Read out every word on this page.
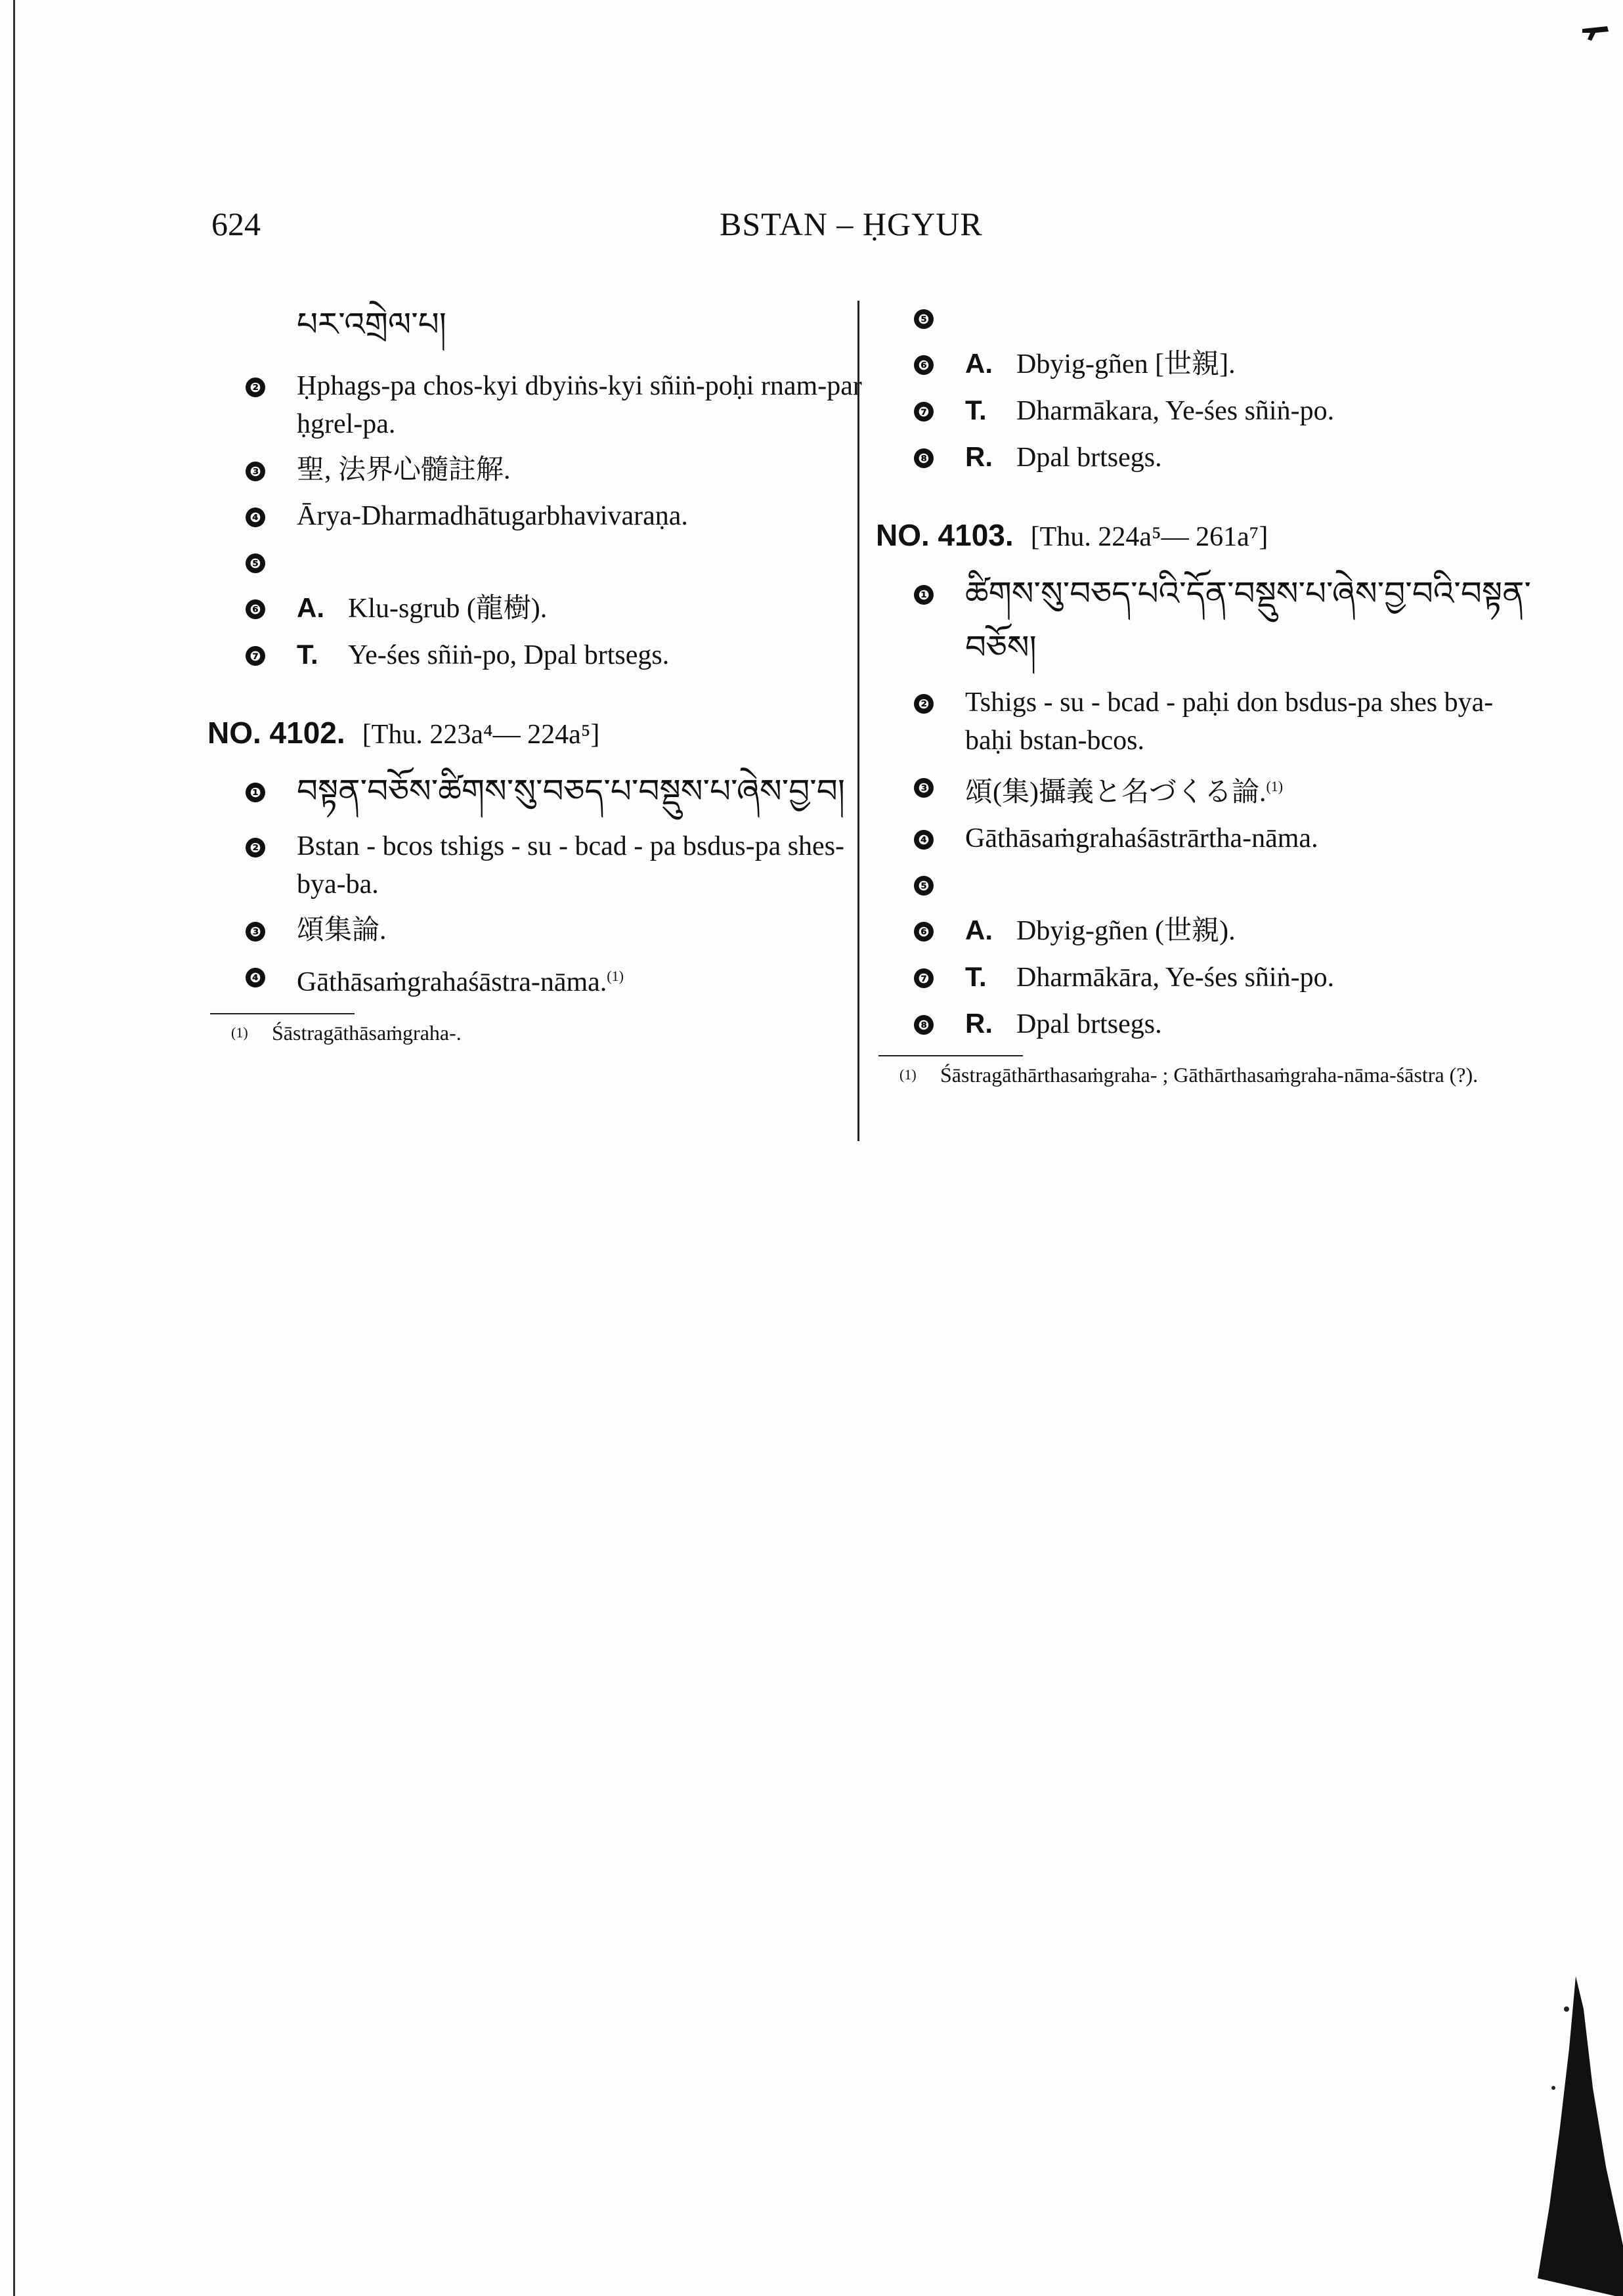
624	BSTAN – ḤGYUR
པར་འགྲེལ་པ།
❷ Ḥphags-pa chos-kyi dbyiṅs-kyi sñiṅ-poḥi rnam-par ḥgrel-pa.
❸ 聖, 法界心髓註解.
❹ Ārya-Dharmadhātugarbhavivaraṇa.
❺

❻ A. Klu-sgrub (龍樹).
❼ T. Ye-śes sñiṅ-po, Dpal brtsegs.
NO. 4102. [Thu. 223a⁴— 224a⁵]
❶ བསྟན་བཅོས་ཚིགས་སུ་བཅད་པ་བསྡུས་པ་ཞེས་བྱ་བ།
❷ Bstan - bcos tshigs - su - bcad - pa bsdus-pa shes-bya-ba.
❸ 頌集論.
❹ Gāthāsaṁgrahaśāstra-nāma.$^{(1)}$
(1) Śāstragāthāsaṁgraha-.
❺

❻ A. Dbyig-gñen [世親].
❼ T. Dharmākara, Ye-śes sñiṅ-po.
❽ R. Dpal brtsegs.
NO. 4103. [Thu. 224a⁵— 261a⁷]
❶ ཚིགས་སུ་བཅད་པའི་དོན་བསྡུས་པ་ཞེས་བྱ་བའི་བསྟན་བཅོས།
❷ Tshigs - su - bcad - paḥi don bsdus-pa shes bya-baḥi bstan-bcos.
❸ 頌(集)攝義と名づくる論.$^{(1)}$
❹ Gāthāsaṁgrahaśāstrārtha-nāma.
❺

❻ A. Dbyig-gñen (世親).
❼ T. Dharmākāra, Ye-śes sñiṅ-po.
❽ R. Dpal brtsegs.
(1) Śāstragāthārthasaṁgraha- ; Gāthārthasaṁgraha-nāma-śāstra (?).
